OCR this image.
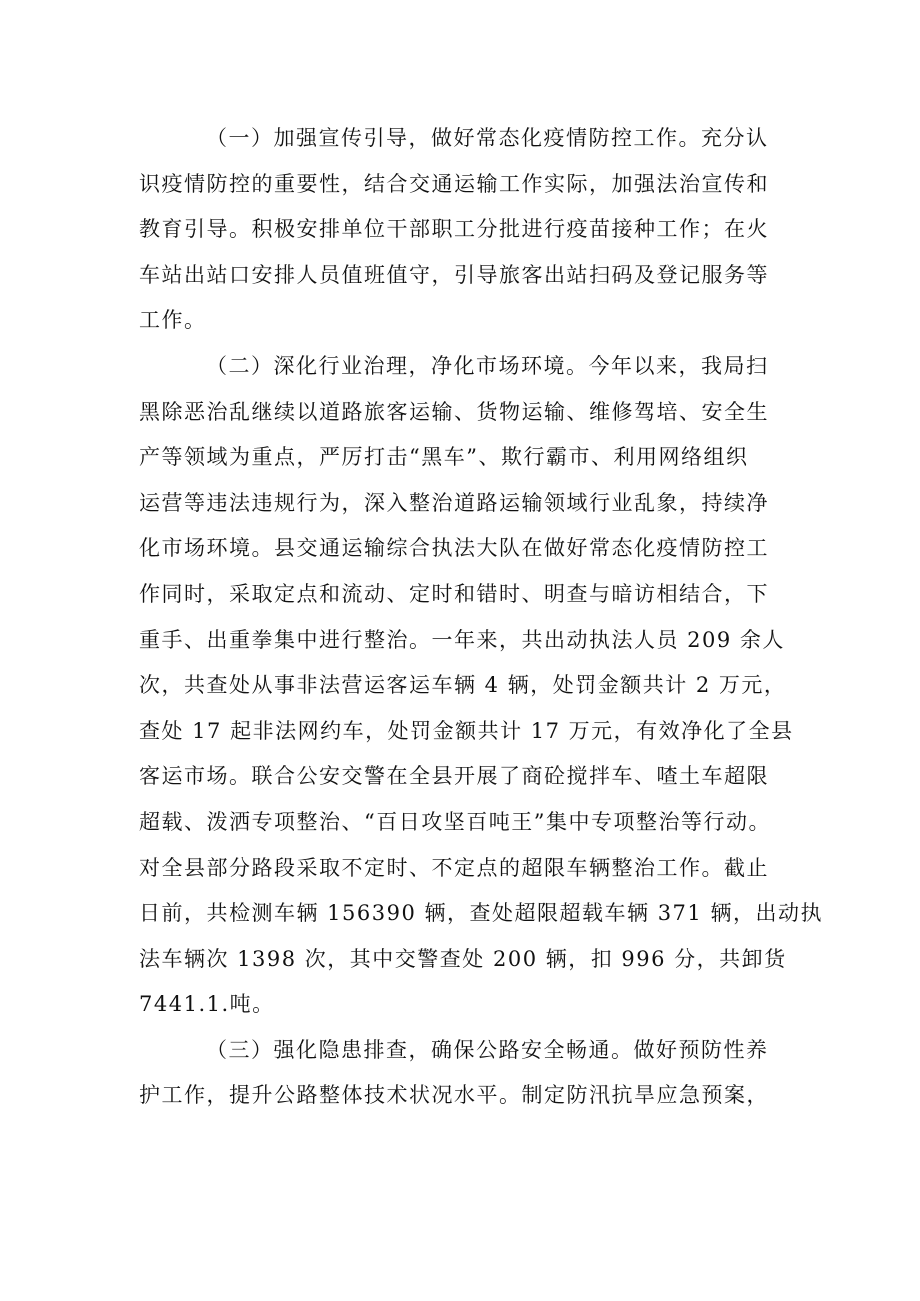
（一）加强宣传引导，做好常态化疫情防控工作。充分认
识疫情防控的重要性，结合交通运输工作实际，加强法治宣传和
教育引导。积极安排单位干部职工分批进行疫苗接种工作；在火
车站出站口安排人员值班值守，引导旅客出站扫码及登记服务等
工作。

（二）深化行业治理，净化市场环境。今年以来，我局扫
黑除恶治乱继续以道路旅客运输、货物运输、维修驾培、安全生
产等领域为重点，严厉打击“黑车”、欺行霸市、利用网络组织
运营等违法违规行为，深入整治道路运输领域行业乱象，持续净
化市场环境。县交通运输综合执法大队在做好常态化疫情防控工
作同时，采取定点和流动、定时和错时、明查与暗访相结合，下
重手、出重拳集中进行整治。一年来，共出动执法人员 209 余人
次，共查处从事非法营运客运车辆 4 辆，处罚金额共计 2 万元，
查处 17 起非法网约车，处罚金额共计 17 万元，有效净化了全县
客运市场。联合公安交警在全县开展了商砼搅拌车、喳土车超限
超载、泼洒专项整治、“百日攻坚百吨王”集中专项整治等行动。
对全县部分路段采取不定时、不定点的超限车辆整治工作。截止
日前，共检测车辆 156390 辆，查处超限超载车辆 371 辆，出动执
法车辆次 1398 次，其中交警查处 200 辆，扣 996 分，共卸货
7441.1.吨。

（三）强化隐患排查，确保公路安全畅通。做好预防性养
护工作，提升公路整体技术状况水平。制定防汛抗旱应急预案，
